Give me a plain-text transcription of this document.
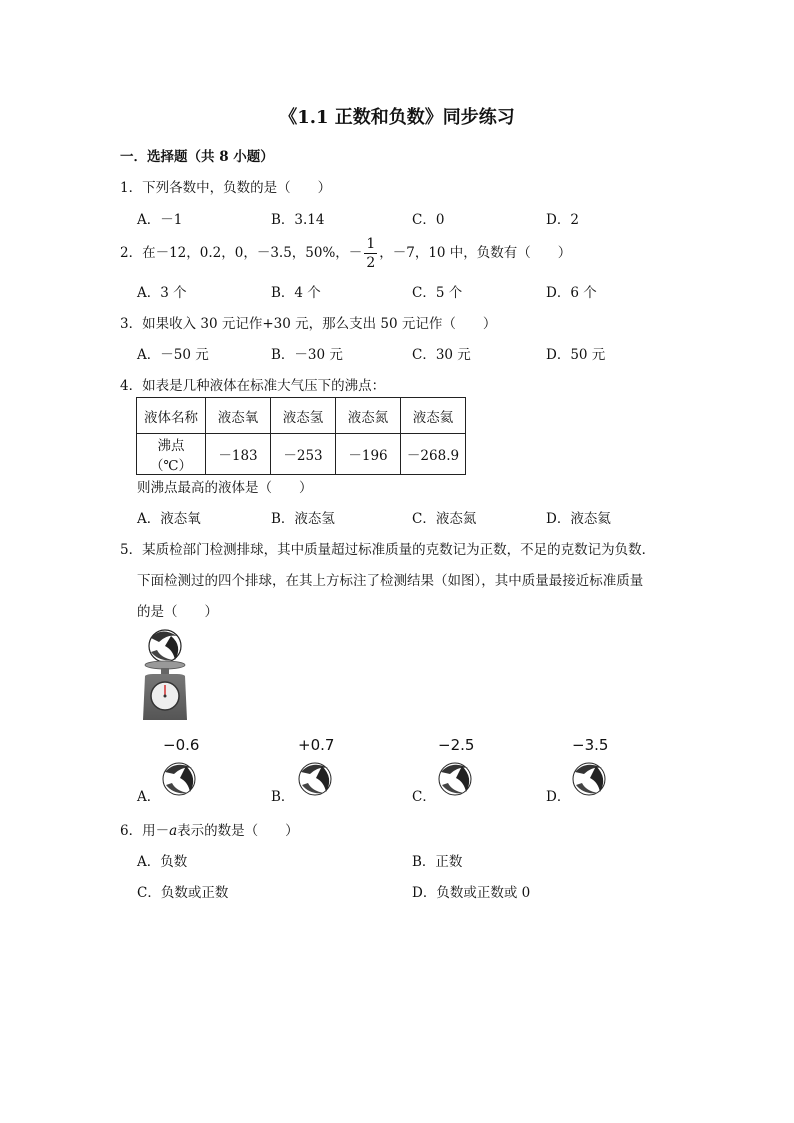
《1.1 正数和负数》同步练习
一．选择题（共 8 小题）
1．下列各数中，负数的是（　　）
A．－1	B．3.14	C．0	D．2
2．在－12，0.2，0，－3.5，50%，－ $\frac{1}{2}$ ，－7，10 中，负数有（　　）
A．3 个	B．4 个	C．5 个	D．6 个
3．如果收入 30 元记作+30 元，那么支出 50 元记作（　　）
A．－50 元	B．－30 元	C．30 元	D．50 元
4．如表是几种液体在标准大气压下的沸点：
液体名称	液态氧	液态氢	液态氮	液态氦
沸点（℃）	－183	－253	－196	－268.9
则沸点最高的液体是（　　）
A．液态氧	B．液态氢	C．液态氮	D．液态氦
5．某质检部门检测排球，其中质量超过标准质量的克数记为正数，不足的克数记为负数．
下面检测过的四个排球，在其上方标注了检测结果（如图），其中质量最接近标准质量
的是（　　）
−0.6	+0.7	−2.5	−3.5
A．	B．	C．	D．
6．用－a表示的数是（　　）
A．负数	B．正数
C．负数或正数	D．负数或正数或 0
